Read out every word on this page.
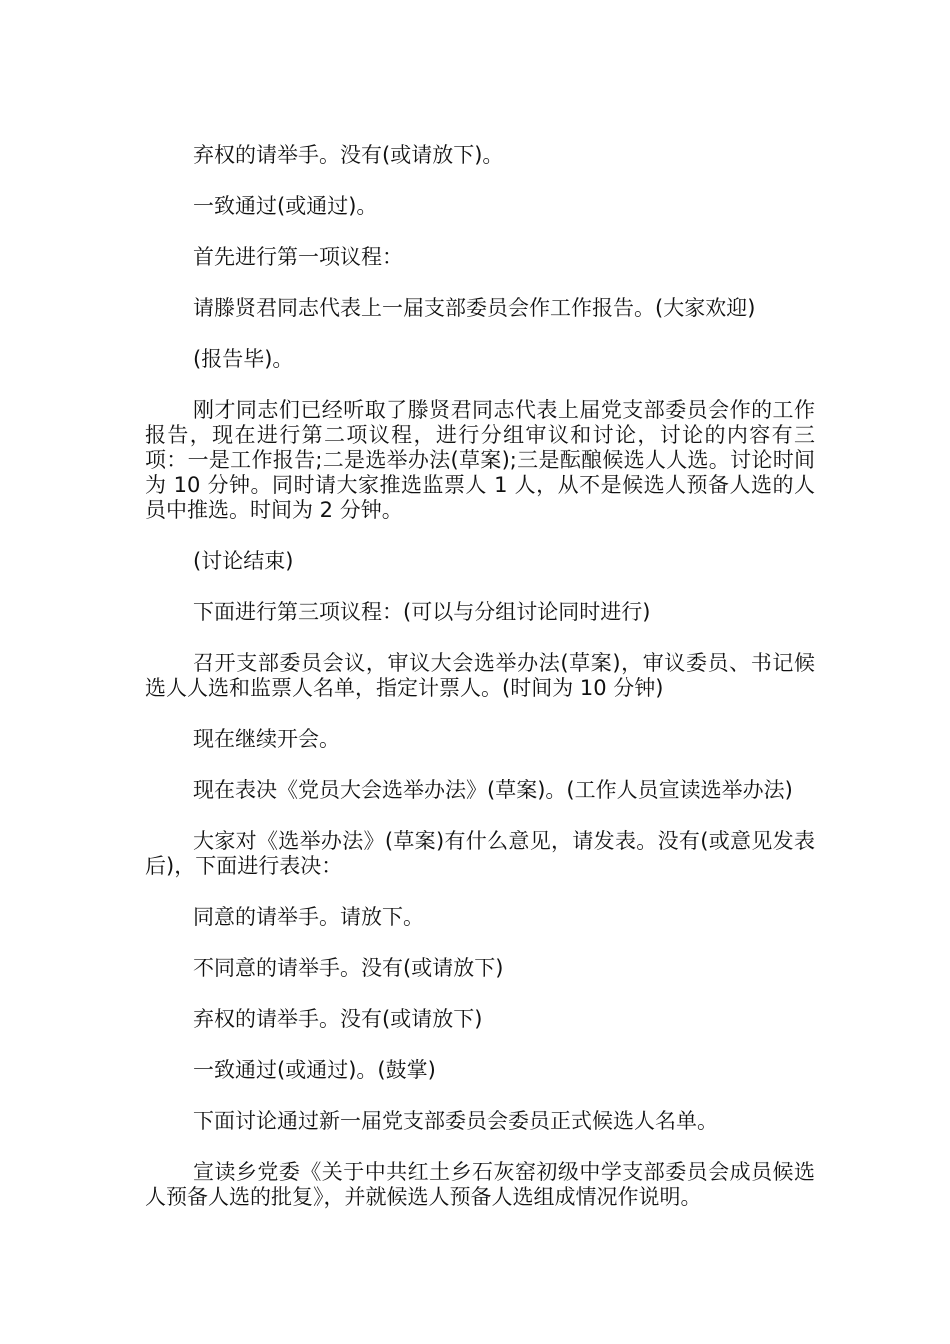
弃权的请举手。没有(或请放下)。

一致通过(或通过)。

首先进行第一项议程：

请滕贤君同志代表上一届支部委员会作工作报告。(大家欢迎)

(报告毕)。

刚才同志们已经听取了滕贤君同志代表上届党支部委员会作的工作报告，现在进行第二项议程，进行分组审议和讨论，讨论的内容有三项：一是工作报告;二是选举办法(草案);三是酝酿候选人人选。讨论时间为 10 分钟。同时请大家推选监票人 1 人，从不是候选人预备人选的人员中推选。时间为 2 分钟。

(讨论结束)

下面进行第三项议程：(可以与分组讨论同时进行)

召开支部委员会议，审议大会选举办法(草案)，审议委员、书记候选人人选和监票人名单，指定计票人。(时间为 10 分钟)

现在继续开会。

现在表决《党员大会选举办法》(草案)。(工作人员宣读选举办法)

大家对《选举办法》(草案)有什么意见，请发表。没有(或意见发表后)，下面进行表决：

同意的请举手。请放下。

不同意的请举手。没有(或请放下)

弃权的请举手。没有(或请放下)

一致通过(或通过)。(鼓掌)

下面讨论通过新一届党支部委员会委员正式候选人名单。

宣读乡党委《关于中共红土乡石灰窑初级中学支部委员会成员候选人预备人选的批复》，并就候选人预备人选组成情况作说明。
